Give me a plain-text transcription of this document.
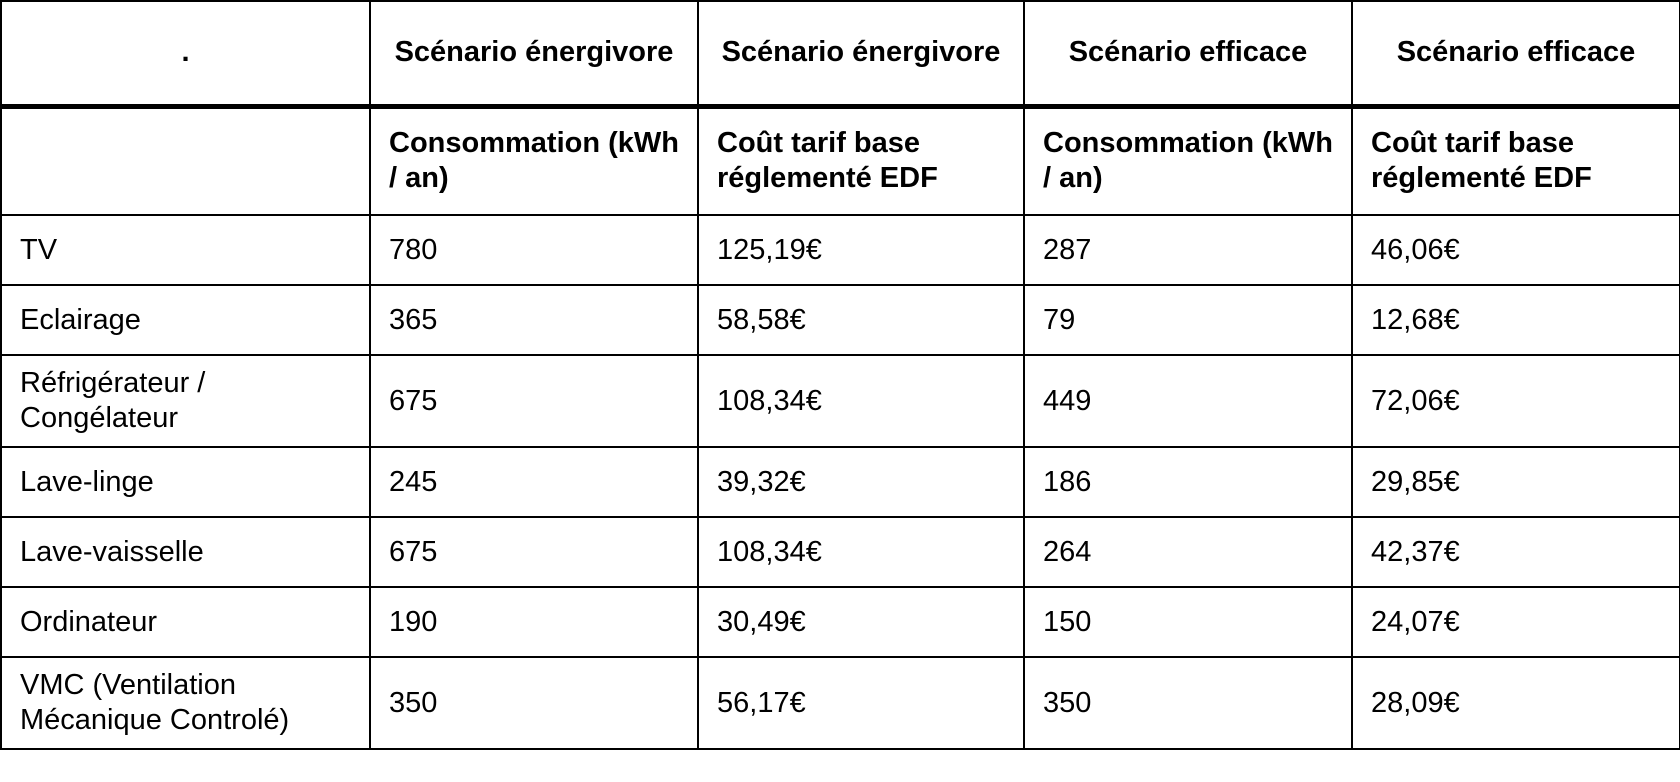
.	Scénario énergivore	Scénario énergivore	Scénario efficace	Scénario efficace
	Consommation (kWh / an)	Coût tarif base réglementé EDF	Consommation (kWh / an)	Coût tarif base réglementé EDF
TV	780	125,19€	287	46,06€
Eclairage	365	58,58€	79	12,68€
Réfrigérateur / Congélateur	675	108,34€	449	72,06€
Lave-linge	245	39,32€	186	29,85€
Lave-vaisselle	675	108,34€	264	42,37€
Ordinateur	190	30,49€	150	24,07€
VMC (Ventilation Mécanique Controlé)	350	56,17€	350	28,09€
